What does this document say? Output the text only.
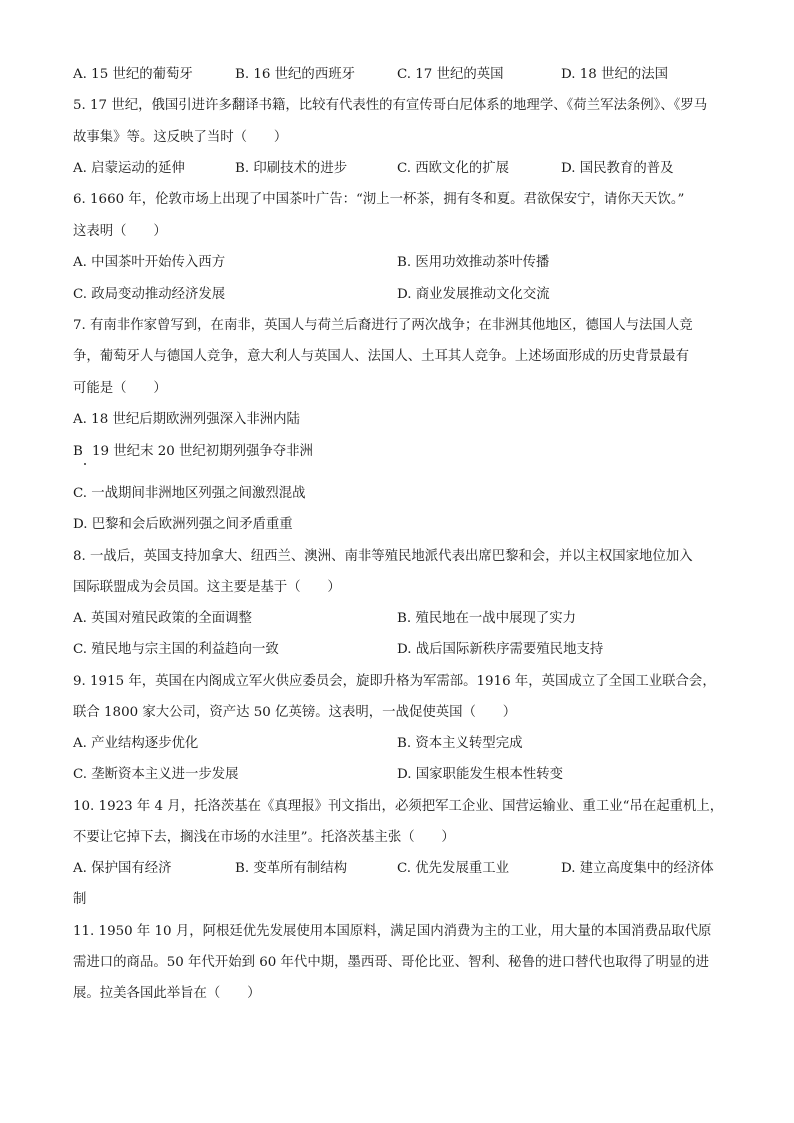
A. 15 世纪的葡萄牙	B. 16 世纪的西班牙	C. 17 世纪的英国	D. 18 世纪的法国
5. 17 世纪，俄国引进许多翻译书籍，比较有代表性的有宣传哥白尼体系的地理学、《荷兰军法条例》、《罗马
故事集》等。这反映了当时（　　）
A. 启蒙运动的延伸	B. 印刷技术的进步	C. 西欧文化的扩展	D. 国民教育的普及
6. 1660 年，伦敦市场上出现了中国茶叶广告：“沏上一杯茶，拥有冬和夏。君欲保安宁，请你天天饮。”
这表明（　　）
A. 中国茶叶开始传入西方	B. 医用功效推动茶叶传播
C. 政局变动推动经济发展	D. 商业发展推动文化交流
7. 有南非作家曾写到，在南非，英国人与荷兰后裔进行了两次战争；在非洲其他地区，德国人与法国人竞
争，葡萄牙人与德国人竞争，意大利人与英国人、法国人、土耳其人竞争。上述场面形成的历史背景最有
可能是（　　）
A. 18 世纪后期欧洲列强深入非洲内陆
B 19 世纪末 20 世纪初期列强争夺非洲
C. 一战期间非洲地区列强之间激烈混战
D. 巴黎和会后欧洲列强之间矛盾重重
8. 一战后，英国支持加拿大、纽西兰、澳洲、南非等殖民地派代表出席巴黎和会，并以主权国家地位加入
国际联盟成为会员国。这主要是基于（　　）
A. 英国对殖民政策的全面调整	B. 殖民地在一战中展现了实力
C. 殖民地与宗主国的利益趋向一致	D. 战后国际新秩序需要殖民地支持
9. 1915 年，英国在内阁成立军火供应委员会，旋即升格为军需部。1916 年，英国成立了全国工业联合会，
联合 1800 家大公司，资产达 50 亿英镑。这表明，一战促使英国（　　）
A. 产业结构逐步优化	B. 资本主义转型完成
C. 垄断资本主义进一步发展	D. 国家职能发生根本性转变
10. 1923 年 4 月，托洛茨基在《真理报》刊文指出，必须把军工企业、国营运输业、重工业“吊在起重机上，
不要让它掉下去，搁浅在市场的水洼里”。托洛茨基主张（　　）
A. 保护国有经济	B. 变革所有制结构	C. 优先发展重工业	D. 建立高度集中的经济体
制
11. 1950 年 10 月，阿根廷优先发展使用本国原料，满足国内消费为主的工业，用大量的本国消费品取代原
需进口的商品。50 年代开始到 60 年代中期，墨西哥、哥伦比亚、智利、秘鲁的进口替代也取得了明显的进
展。拉美各国此举旨在（　　）
